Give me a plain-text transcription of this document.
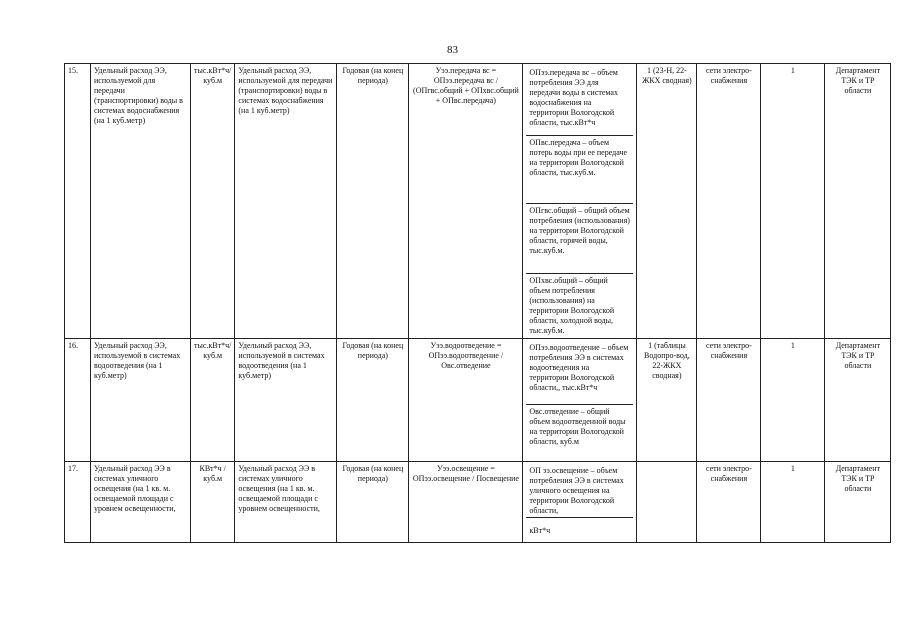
83
15.	Удельный расход ЭЭ, используемой для передачи (транспортировки) воды в системах водоснабжения (на 1 куб.метр)	тыс.кВт*ч/куб.м	Удельный расход ЭЭ, используемой для передачи (транспортировки) воды в системах водоснабжения (на 1 куб.метр)	Годовая (на конец периода)	Уээ.передача вс = ОПээ.передача вс / (ОПгвс.общий + ОПхвс.общий + ОПвс.передача)	ОПээ.передача вс – объем потребления ЭЭ для передачи воды в системах водоснабжения на территории Вологодской области, тыс.кВт*ч
ОПвс.передача – объем потерь воды при ее передаче на территории Вологодской области, тыс.куб.м.
ОПгвс.общий – общий объем потребления (использования) на территории Вологодской области, горячей воды, тыс.куб.м.
ОПхвс.общий – общий объем потребления (использования) на территории Вологодской области, холодной воды, тыс.куб.м.	1 (23-Н, 22-ЖКХ сводная)	сети электро-снабжения	1	Департамент ТЭК и ТР области
16.	Удельный расход ЭЭ, используемой в системах водоотведения (на 1 куб.метр)	тыс.кВт*ч/куб.м	Удельный расход ЭЭ, используемой в системах водоотведения (на 1 куб.метр)	Годовая (на конец периода)	Уээ.водоотведение = ОПээ.водоотведение / Овс.отведение	ОПээ.водоотведение – объем потребления ЭЭ в системах водоотведения на территории Вологодской области,, тыс.кВт*ч
Овс.отведение – общий объем водоотведенной воды на территории Вологодской области, куб.м	1 (таблицы Водопро-вод, 22-ЖКХ сводная)	сети электро-снабжения	1	Департамент ТЭК и ТР области
17.	Удельный расход ЭЭ в системах уличного освещения (на 1 кв. м. освещаемой площади с уровнем освещенности,	КВт*ч / куб.м	Удельный расход ЭЭ в системах уличного освещения (на 1 кв. м. освещаемой площади с уровнем освещенности,	Годовая (на конец периода)	Уээ.освещение = ОПээ.освещение / Посвещение	ОП ээ.освещение – объем потребления ЭЭ в системах уличного освещения на территории Вологодской области,
кВт*ч		сети электро-снабжения	1	Департамент ТЭК и ТР области
